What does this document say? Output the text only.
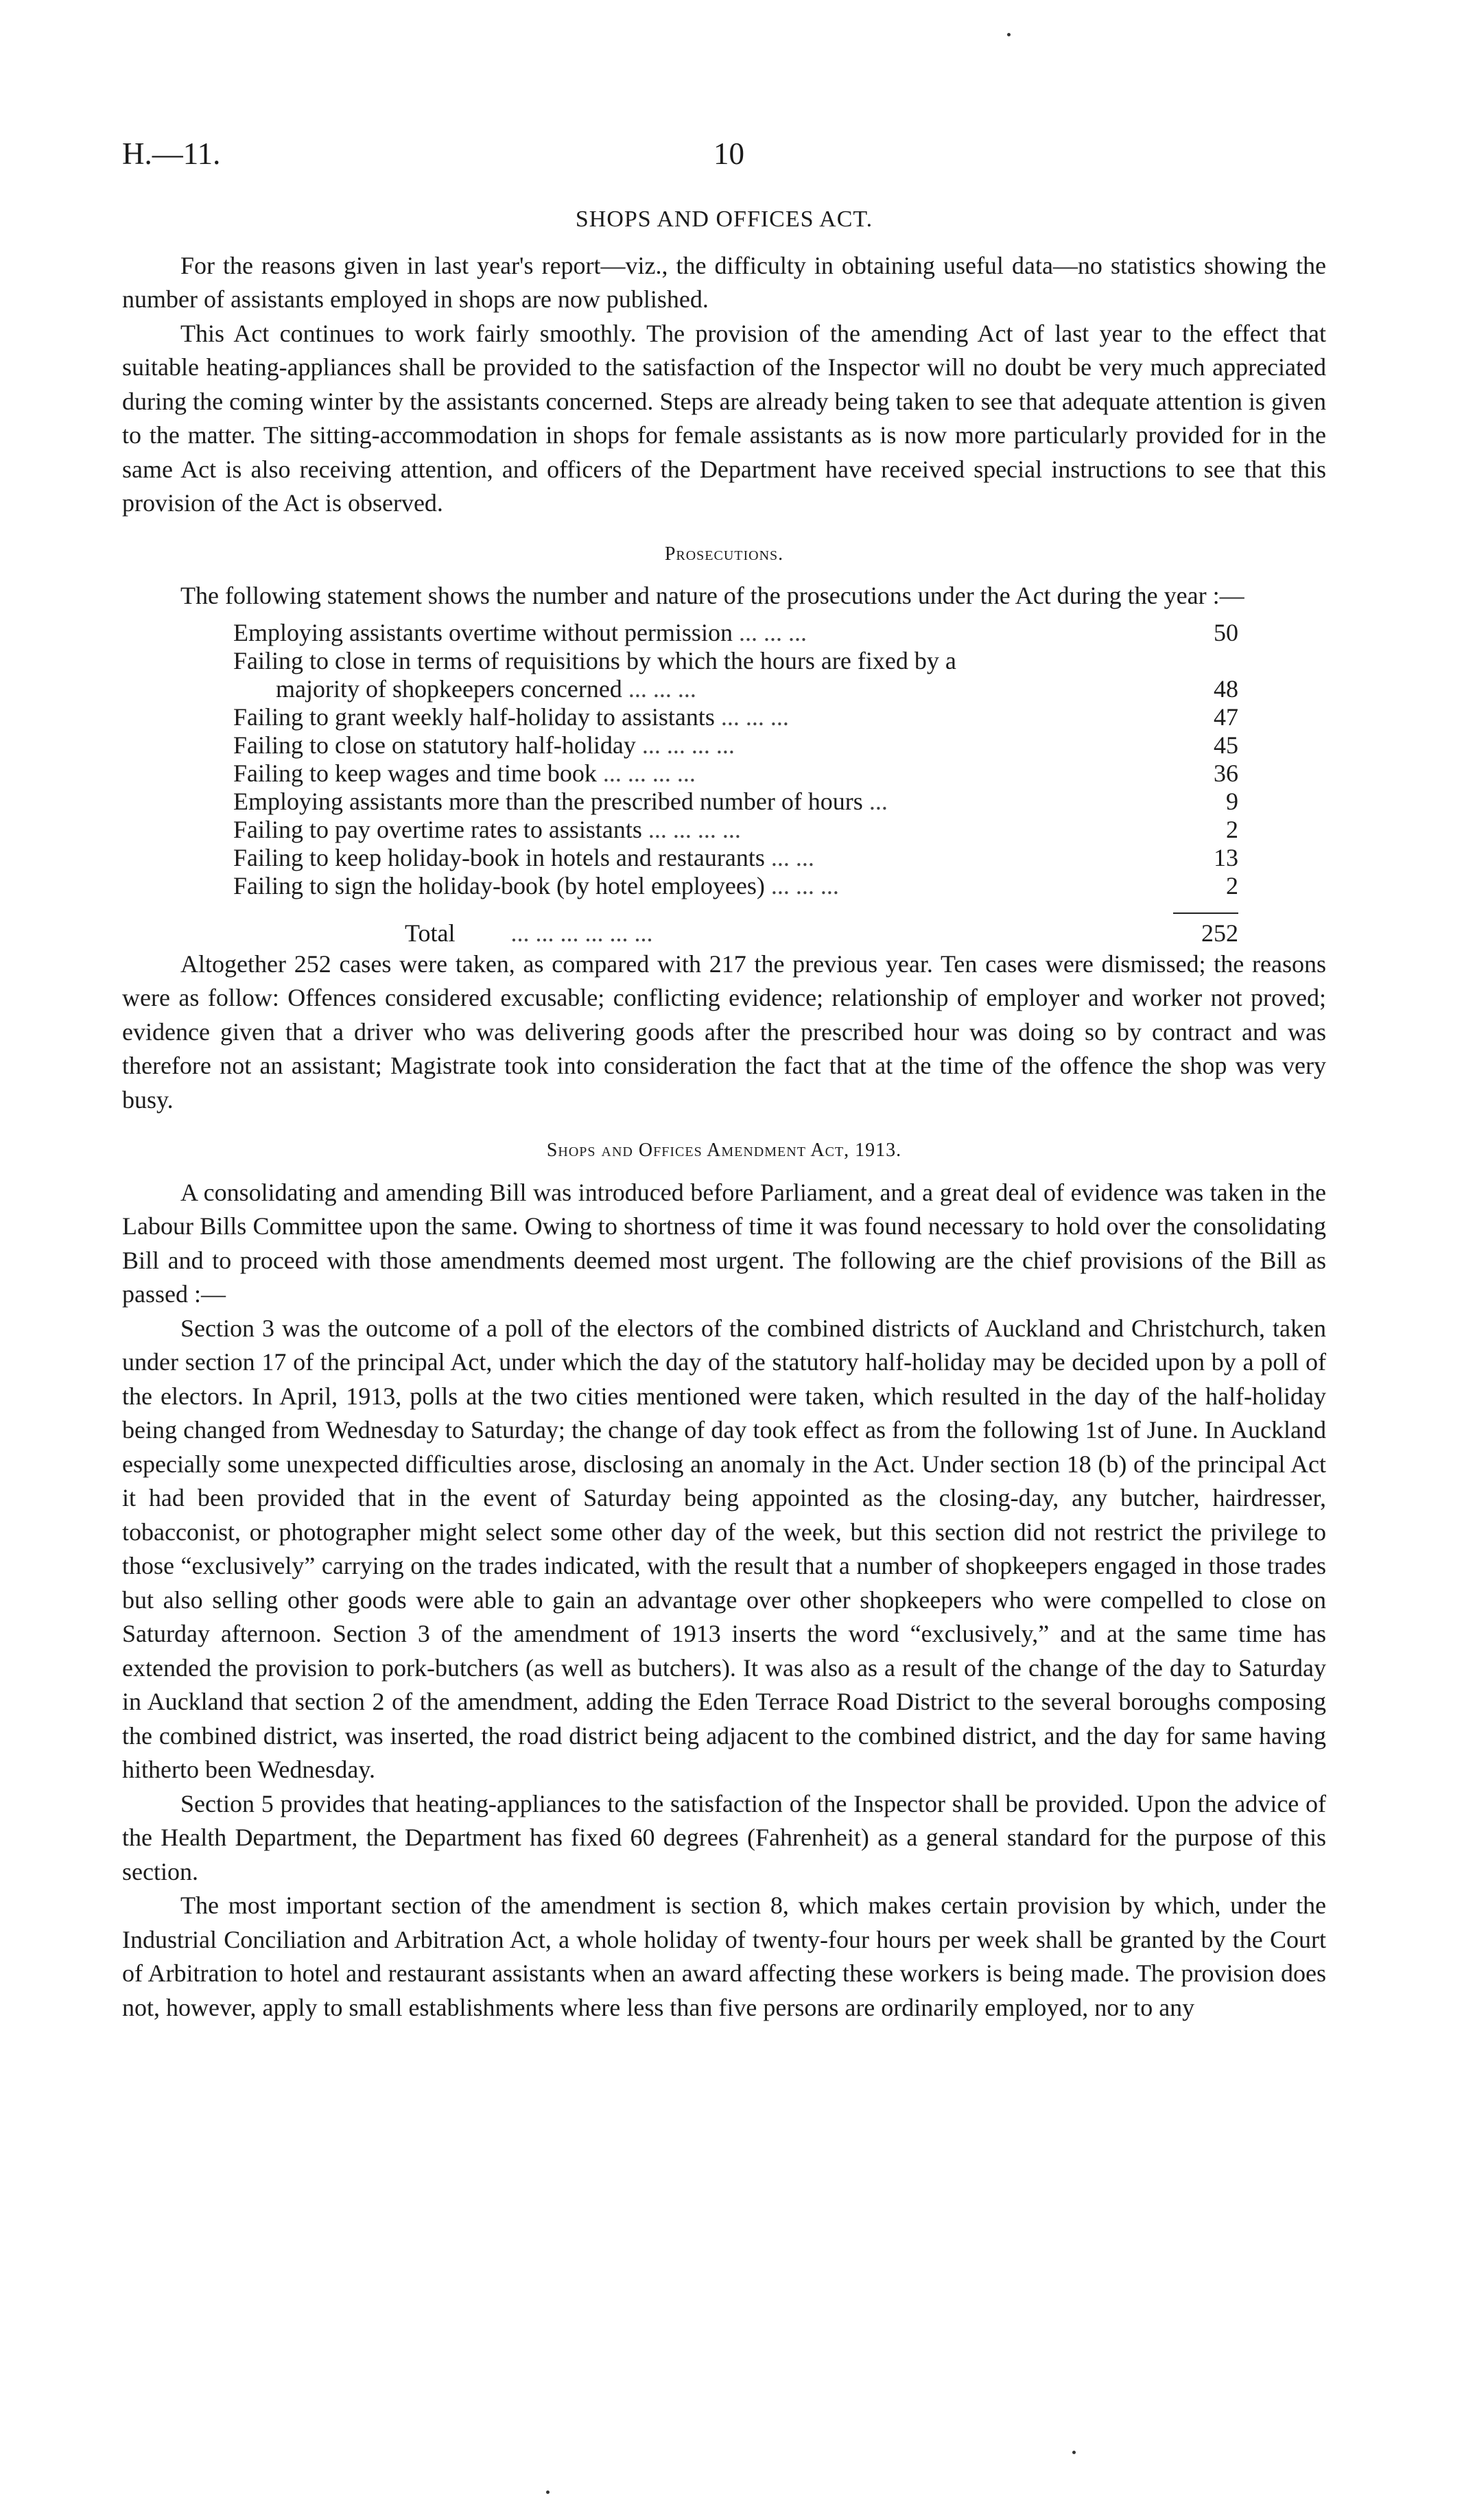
H.—11.	10
SHOPS AND OFFICES ACT.

For the reasons given in last year's report—viz., the difficulty in obtaining useful data—no statistics showing the number of assistants employed in shops are now published.

This Act continues to work fairly smoothly. The provision of the amending Act of last year to the effect that suitable heating-appliances shall be provided to the satisfaction of the Inspector will no doubt be very much appreciated during the coming winter by the assistants concerned. Steps are already being taken to see that adequate attention is given to the matter. The sitting-accommodation in shops for female assistants as is now more particularly provided for in the same Act is also receiving attention, and officers of the Department have received special instructions to see that this provision of the Act is observed.

Prosecutions.

The following statement shows the number and nature of the prosecutions under the Act during the year :—

Employing assistants overtime without permission ... ... ...	50
Failing to close in terms of requisitions by which the hours are fixed by a	
majority of shopkeepers concerned ... ... ...	48
Failing to grant weekly half-holiday to assistants ... ... ...	47
Failing to close on statutory half-holiday ... ... ... ...	45
Failing to keep wages and time book ... ... ... ...	36
Employing assistants more than the prescribed number of hours ...	9
Failing to pay overtime rates to assistants ... ... ... ...	2
Failing to keep holiday-book in hotels and restaurants ... ...	13
Failing to sign the holiday-book (by hotel employees) ... ... ...	2

Total ... ... ... ... ... ...	252

Altogether 252 cases were taken, as compared with 217 the previous year. Ten cases were dismissed; the reasons were as follow: Offences considered excusable; conflicting evidence; relationship of employer and worker not proved; evidence given that a driver who was delivering goods after the prescribed hour was doing so by contract and was therefore not an assistant; Magistrate took into consideration the fact that at the time of the offence the shop was very busy.

Shops and Offices Amendment Act, 1913.

A consolidating and amending Bill was introduced before Parliament, and a great deal of evidence was taken in the Labour Bills Committee upon the same. Owing to shortness of time it was found necessary to hold over the consolidating Bill and to proceed with those amendments deemed most urgent. The following are the chief provisions of the Bill as passed :—

Section 3 was the outcome of a poll of the electors of the combined districts of Auckland and Christchurch, taken under section 17 of the principal Act, under which the day of the statutory half-holiday may be decided upon by a poll of the electors. In April, 1913, polls at the two cities mentioned were taken, which resulted in the day of the half-holiday being changed from Wednesday to Saturday; the change of day took effect as from the following 1st of June. In Auckland especially some unexpected difficulties arose, disclosing an anomaly in the Act. Under section 18 (b) of the principal Act it had been provided that in the event of Saturday being appointed as the closing-day, any butcher, hairdresser, tobacconist, or photographer might select some other day of the week, but this section did not restrict the privilege to those “exclusively” carrying on the trades indicated, with the result that a number of shopkeepers engaged in those trades but also selling other goods were able to gain an advantage over other shopkeepers who were compelled to close on Saturday afternoon. Section 3 of the amendment of 1913 inserts the word “exclusively,” and at the same time has extended the provision to pork-butchers (as well as butchers). It was also as a result of the change of the day to Saturday in Auckland that section 2 of the amendment, adding the Eden Terrace Road District to the several boroughs composing the combined district, was inserted, the road district being adjacent to the combined district, and the day for same having hitherto been Wednesday.

Section 5 provides that heating-appliances to the satisfaction of the Inspector shall be provided. Upon the advice of the Health Department, the Department has fixed 60 degrees (Fahrenheit) as a general standard for the purpose of this section.

The most important section of the amendment is section 8, which makes certain provision by which, under the Industrial Conciliation and Arbitration Act, a whole holiday of twenty-four hours per week shall be granted by the Court of Arbitration to hotel and restaurant assistants when an award affecting these workers is being made. The provision does not, however, apply to small establishments where less than five persons are ordinarily employed, nor to any
